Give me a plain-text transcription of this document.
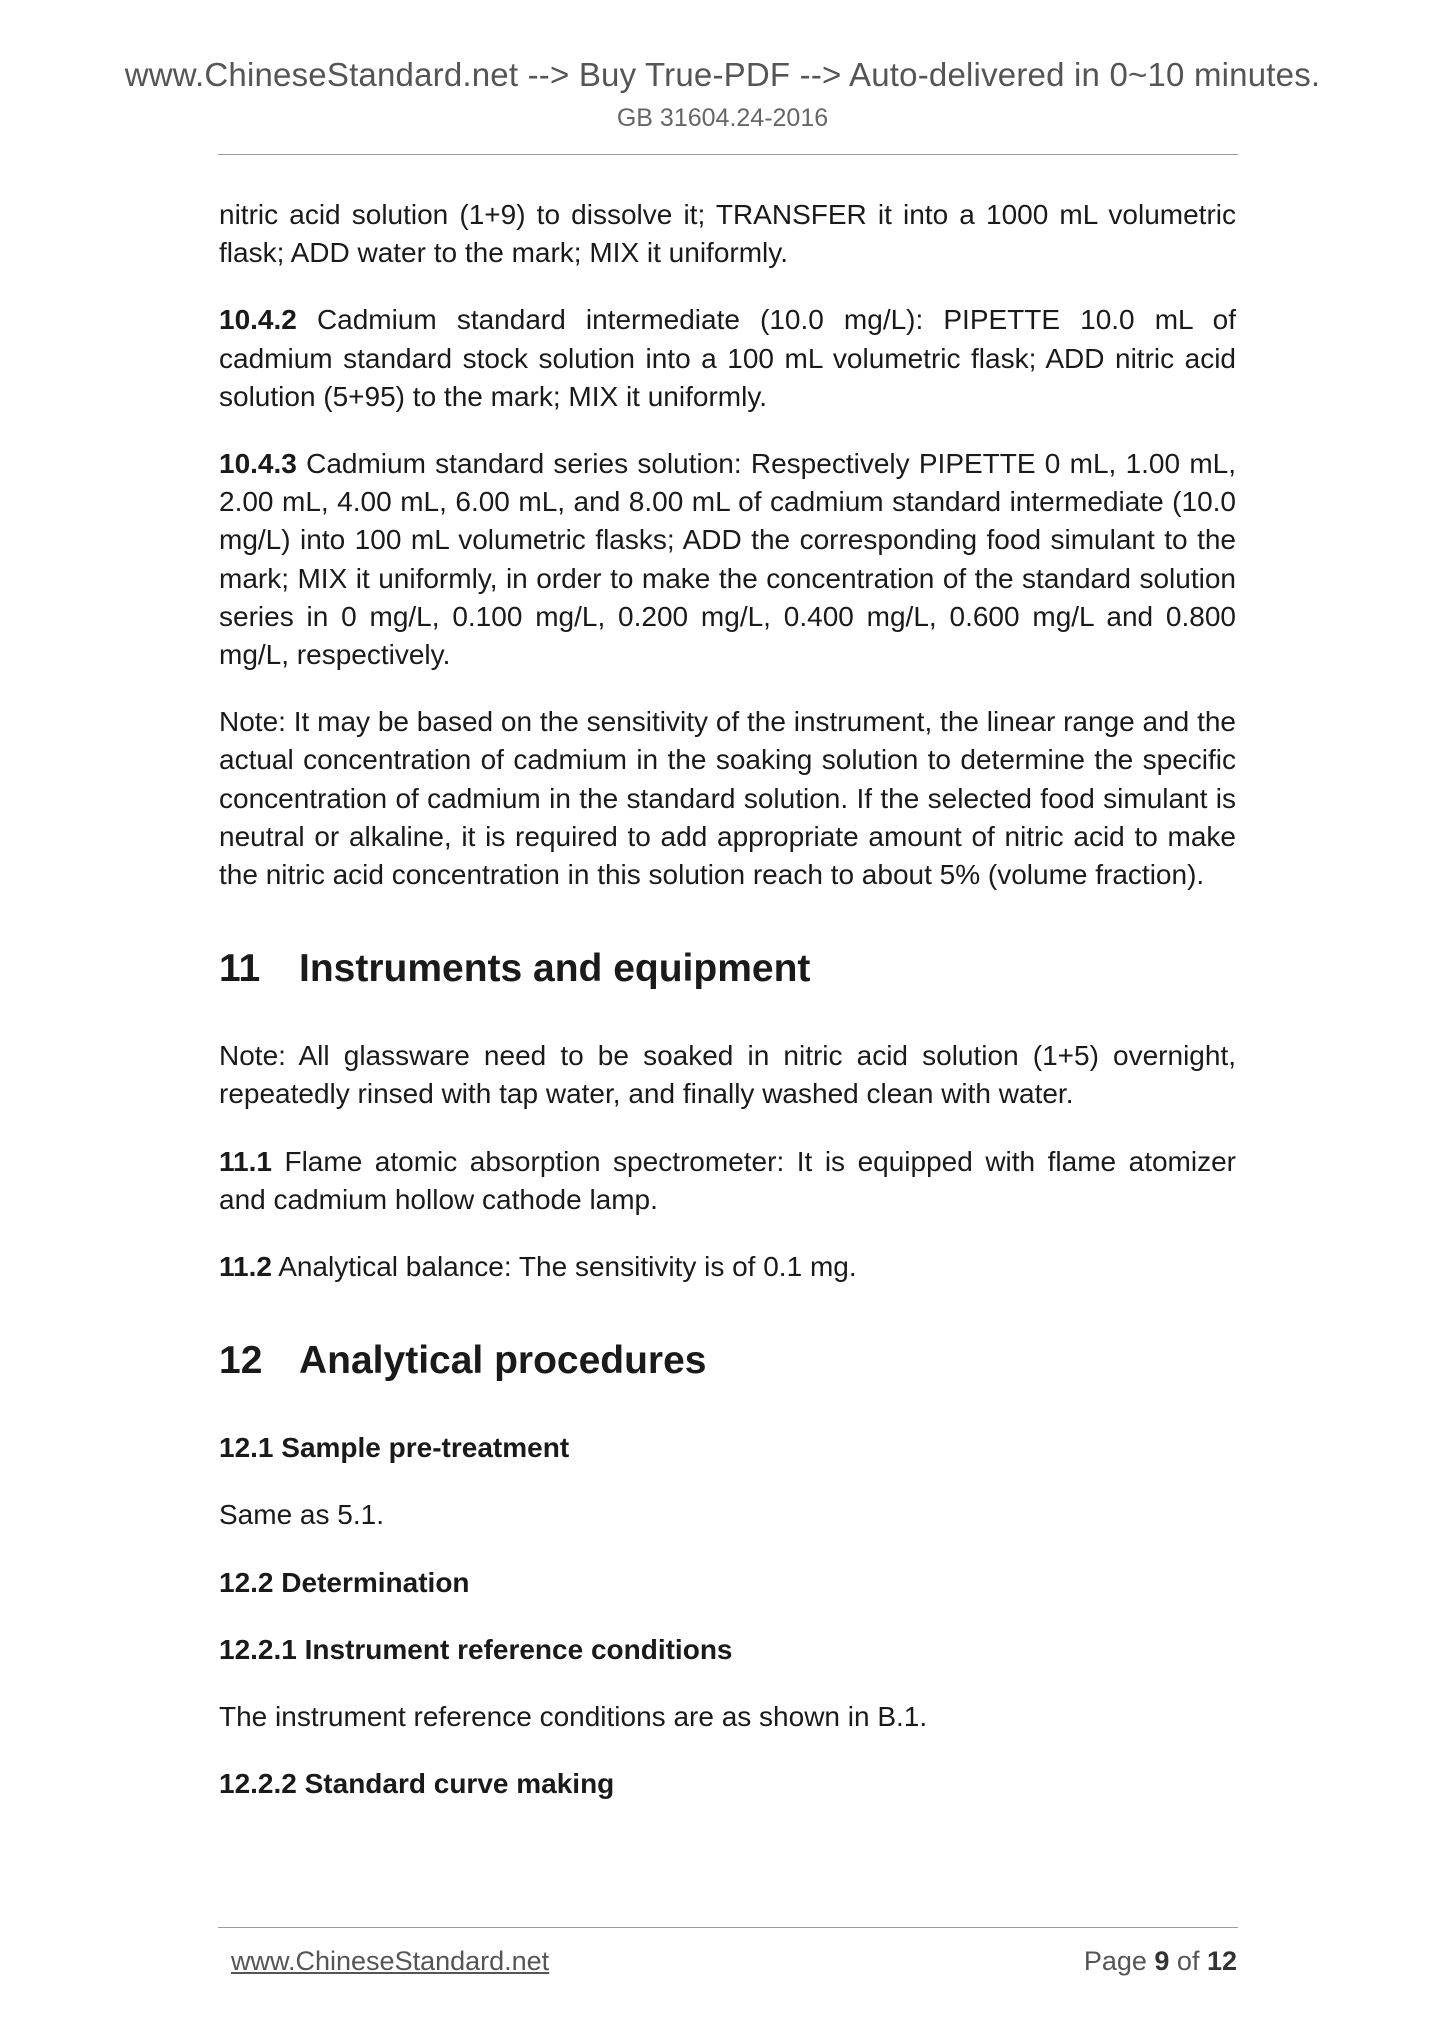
www.ChineseStandard.net --> Buy True-PDF --> Auto-delivered in 0~10 minutes.
GB 31604.24-2016

nitric acid solution (1+9) to dissolve it; TRANSFER it into a 1000 mL volumetric flask; ADD water to the mark; MIX it uniformly.

10.4.2 Cadmium standard intermediate (10.0 mg/L): PIPETTE 10.0 mL of cadmium standard stock solution into a 100 mL volumetric flask; ADD nitric acid solution (5+95) to the mark; MIX it uniformly.

10.4.3 Cadmium standard series solution: Respectively PIPETTE 0 mL, 1.00 mL, 2.00 mL, 4.00 mL, 6.00 mL, and 8.00 mL of cadmium standard intermediate (10.0 mg/L) into 100 mL volumetric flasks; ADD the corresponding food simulant to the mark; MIX it uniformly, in order to make the concentration of the standard solution series in 0 mg/L, 0.100 mg/L, 0.200 mg/L, 0.400 mg/L, 0.600 mg/L and 0.800 mg/L, respectively.

Note: It may be based on the sensitivity of the instrument, the linear range and the actual concentration of cadmium in the soaking solution to determine the specific concentration of cadmium in the standard solution. If the selected food simulant is neutral or alkaline, it is required to add appropriate amount of nitric acid to make the nitric acid concentration in this solution reach to about 5% (volume fraction).

11 Instruments and equipment

Note: All glassware need to be soaked in nitric acid solution (1+5) overnight, repeatedly rinsed with tap water, and finally washed clean with water.

11.1 Flame atomic absorption spectrometer: It is equipped with flame atomizer and cadmium hollow cathode lamp.

11.2 Analytical balance: The sensitivity is of 0.1 mg.

12 Analytical procedures
12.1 Sample pre-treatment

Same as 5.1.

12.2 Determination
12.2.1 Instrument reference conditions

The instrument reference conditions are as shown in B.1.

12.2.2 Standard curve making
www.ChineseStandard.net	Page 9 of 12
